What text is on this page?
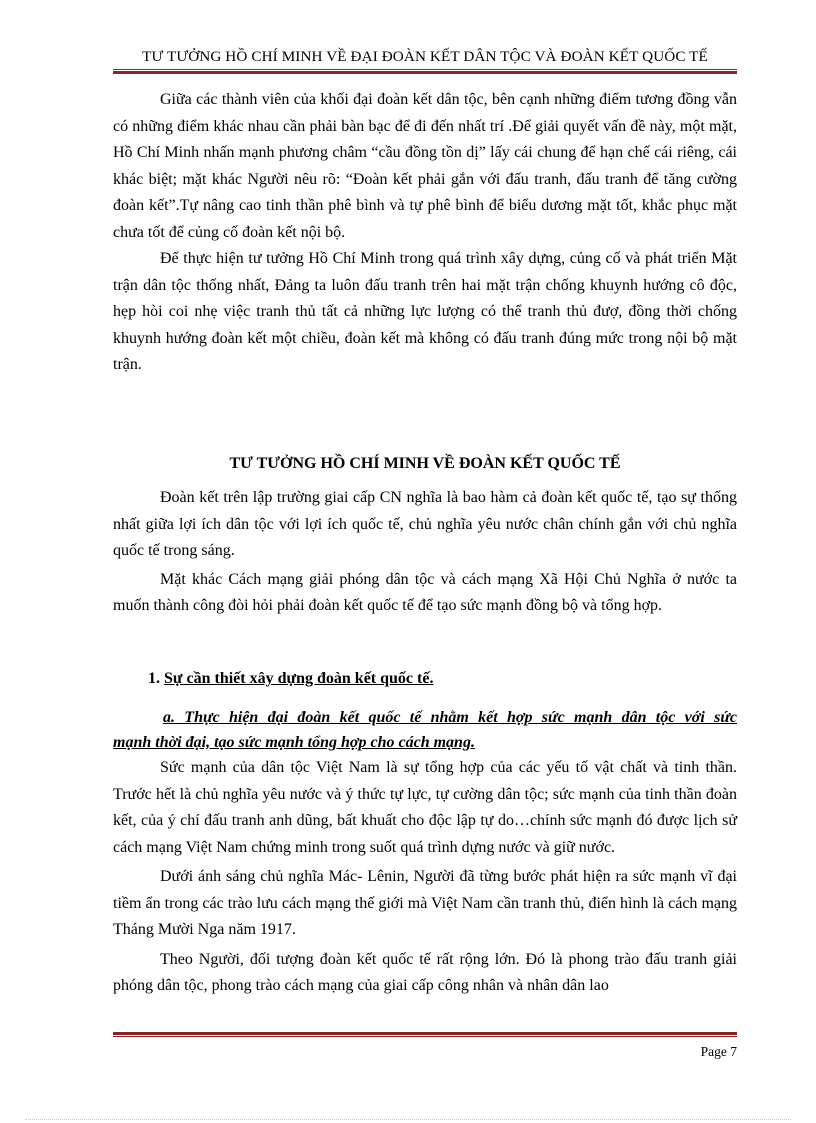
TƯ TƯỞNG HỒ CHÍ MINH VỀ ĐẠI ĐOÀN KẾT DÂN TỘC VÀ ĐOÀN KẾT QUỐC TẾ

Giữa các thành viên của khối đại đoàn kết dân tộc, bên cạnh những điểm tương đồng vẫn có những điểm khác nhau cần phải bàn bạc để đi đến nhất trí .Để giải quyết vấn đề này, một mặt, Hồ Chí Minh nhấn mạnh phương châm “cầu đồng tồn dị” lấy cái chung để hạn chế cái riêng, cái khác biệt; mặt khác Người nêu rõ: “Đoàn kết phải gắn với đấu tranh, đấu tranh để tăng cường đoàn kết”.Tự nâng cao tinh thần phê bình và tự phê bình để biểu dương mặt tốt, khắc phục mặt chưa tốt để củng cố đoàn kết nội bộ.

Để thực hiện tư tưởng Hồ Chí Minh trong quá trình xây dựng, củng cố và phát triển Mặt trận dân tộc thống nhất, Đảng ta luôn đấu tranh trên hai mặt trận chống khuynh hướng cô độc, hẹp hòi coi nhẹ việc tranh thủ tất cả những lực lượng có thể tranh thủ đượ, đồng thời chống khuynh hướng đoàn kết một chiều, đoàn kết mà không có đấu tranh đúng mức trong nội bộ mặt trận.

TƯ TƯỞNG HỒ CHÍ MINH VỀ ĐOÀN KẾT QUỐC TẾ

Đoàn kết trên lập trường giai cấp CN nghĩa là bao hàm cả đoàn kết quốc tế, tạo sự thống nhất giữa lợi ích dân tộc với lợi ích quốc tế, chủ nghĩa yêu nước chân chính gắn với chủ nghĩa quốc tế trong sáng.

Mặt khác Cách mạng giải phóng dân tộc và cách mạng Xã Hội Chủ Nghĩa ở nước ta muốn thành công đòi hỏi phải đoàn kết quốc tế để tạo sức mạnh đồng bộ và tổng hợp.

1. Sự cần thiết xây dựng đoàn kết quốc tế.
a. Thực hiện đại đoàn kết quốc tế nhằm kết hợp sức mạnh dân tộc với sức
mạnh thời đại, tạo sức mạnh tổng hợp cho cách mạng.

Sức mạnh của dân tộc Việt Nam là sự tổng hợp của các yếu tố vật chất và tinh thần. Trước hết là chủ nghĩa yêu nước và ý thức tự lực, tự cường dân tộc; sức mạnh của tinh thần đoàn kết, của ý chí đấu tranh anh dũng, bất khuất cho độc lập tự do…chính sức mạnh đó được lịch sử cách mạng Việt Nam chứng minh trong suốt quá trình dựng nước và giữ nước.

Dưới ánh sáng chủ nghĩa Mác- Lênin, Người đã từng bước phát hiện ra sức mạnh vĩ đại tiềm ẩn trong các trào lưu cách mạng thế giới mà Việt Nam cần tranh thủ, điển hình là cách mạng Tháng Mười Nga năm 1917.

Theo Người, đối tượng đoàn kết quốc tế rất rộng lớn. Đó là phong trào đấu tranh giải phóng dân tộc, phong trào cách mạng của giai cấp công nhân và nhân dân lao

Page 7
